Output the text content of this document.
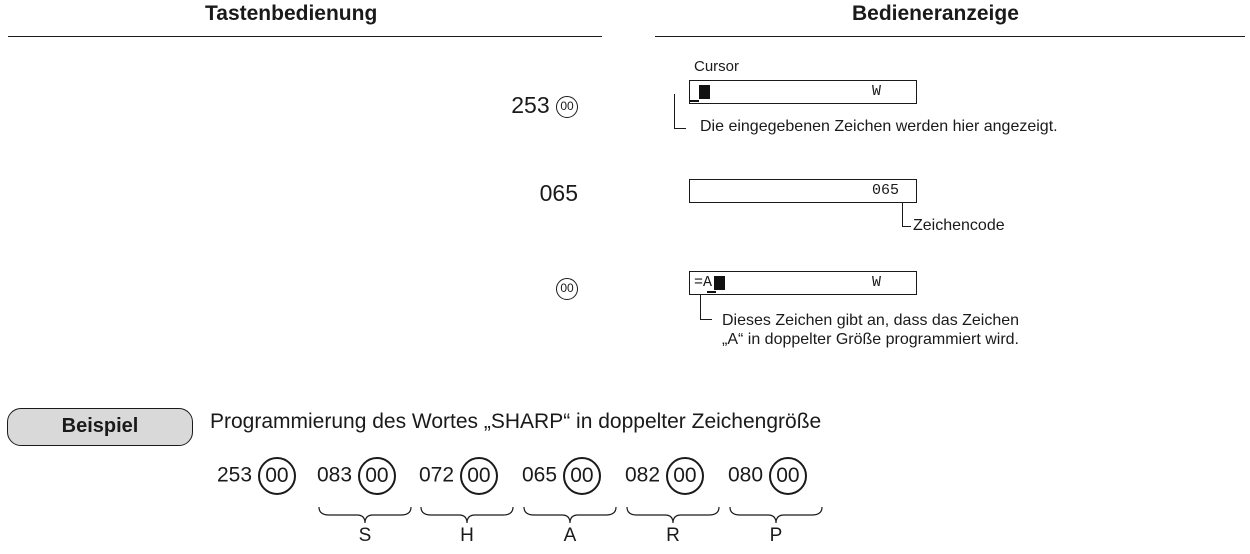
Tastenbedienung	Bedieneranzeige
253 00
Cursor
W
Die eingegebenen Zeichen werden hier angezeigt.
065	065
Zeichencode
00	=A	W
Dieses Zeichen gibt an, dass das Zeichen
„A“ in doppelter Größe programmiert wird.
Beispiel	Programmierung des Wortes „SHARP“ in doppelter Zeichengröße
253 00	083 00	072 00	065 00	082 00	080 00
S	H	A	R	P
